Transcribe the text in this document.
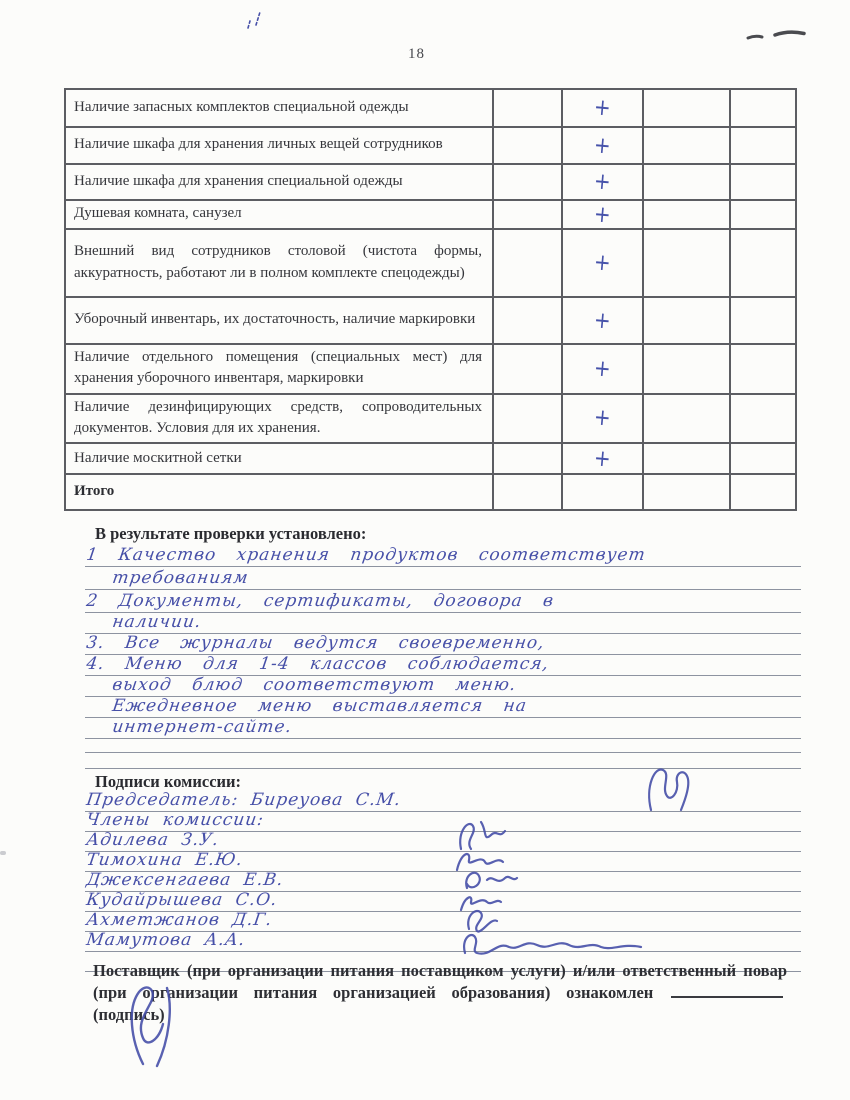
18
Наличие запасных комплектов специальной одежды		+		
Наличие шкафа для хранения личных вещей сотрудников		+		
Наличие шкафа для хранения специальной одежды		+		
Душевая комната, санузел		+		
Внешний вид сотрудников столовой (чистота формы, аккуратность, работают ли в полном комплекте спецодежды)		+		
Уборочный инвентарь, их достаточность, наличие маркировки		+		
Наличие отдельного помещения (специальных мест) для хранения уборочного инвентаря, маркировки		+		
Наличие дезинфицирующих средств, сопроводительных документов. Условия для их хранения.		+		
Наличие москитной сетки		+		
Итого				
В результате проверки установлено:
1 Качество хранения продуктов соответствует
требованиям
2 Документы, сертификаты, договора в
наличии.
3. Все журналы ведутся своевременно,
4. Меню для 1-4 классов соблюдается,
выход блюд соответствуют меню.
Ежедневное меню выставляется на
интернет-сайте.
Подписи комиссии:
Председатель: Биреуова С.М.
Члены комиссии:
Адилева З.У.
Тимохина Е.Ю.
Джексенгаева Е.В.
Кудайрышева С.О.
Ахметжанов Д.Г.
Мамутова А.А.
Поставщик (при организации питания поставщиком услуги) и/или ответственный повар (при организации питания организацией образования) ознакомлен  (подпись)
